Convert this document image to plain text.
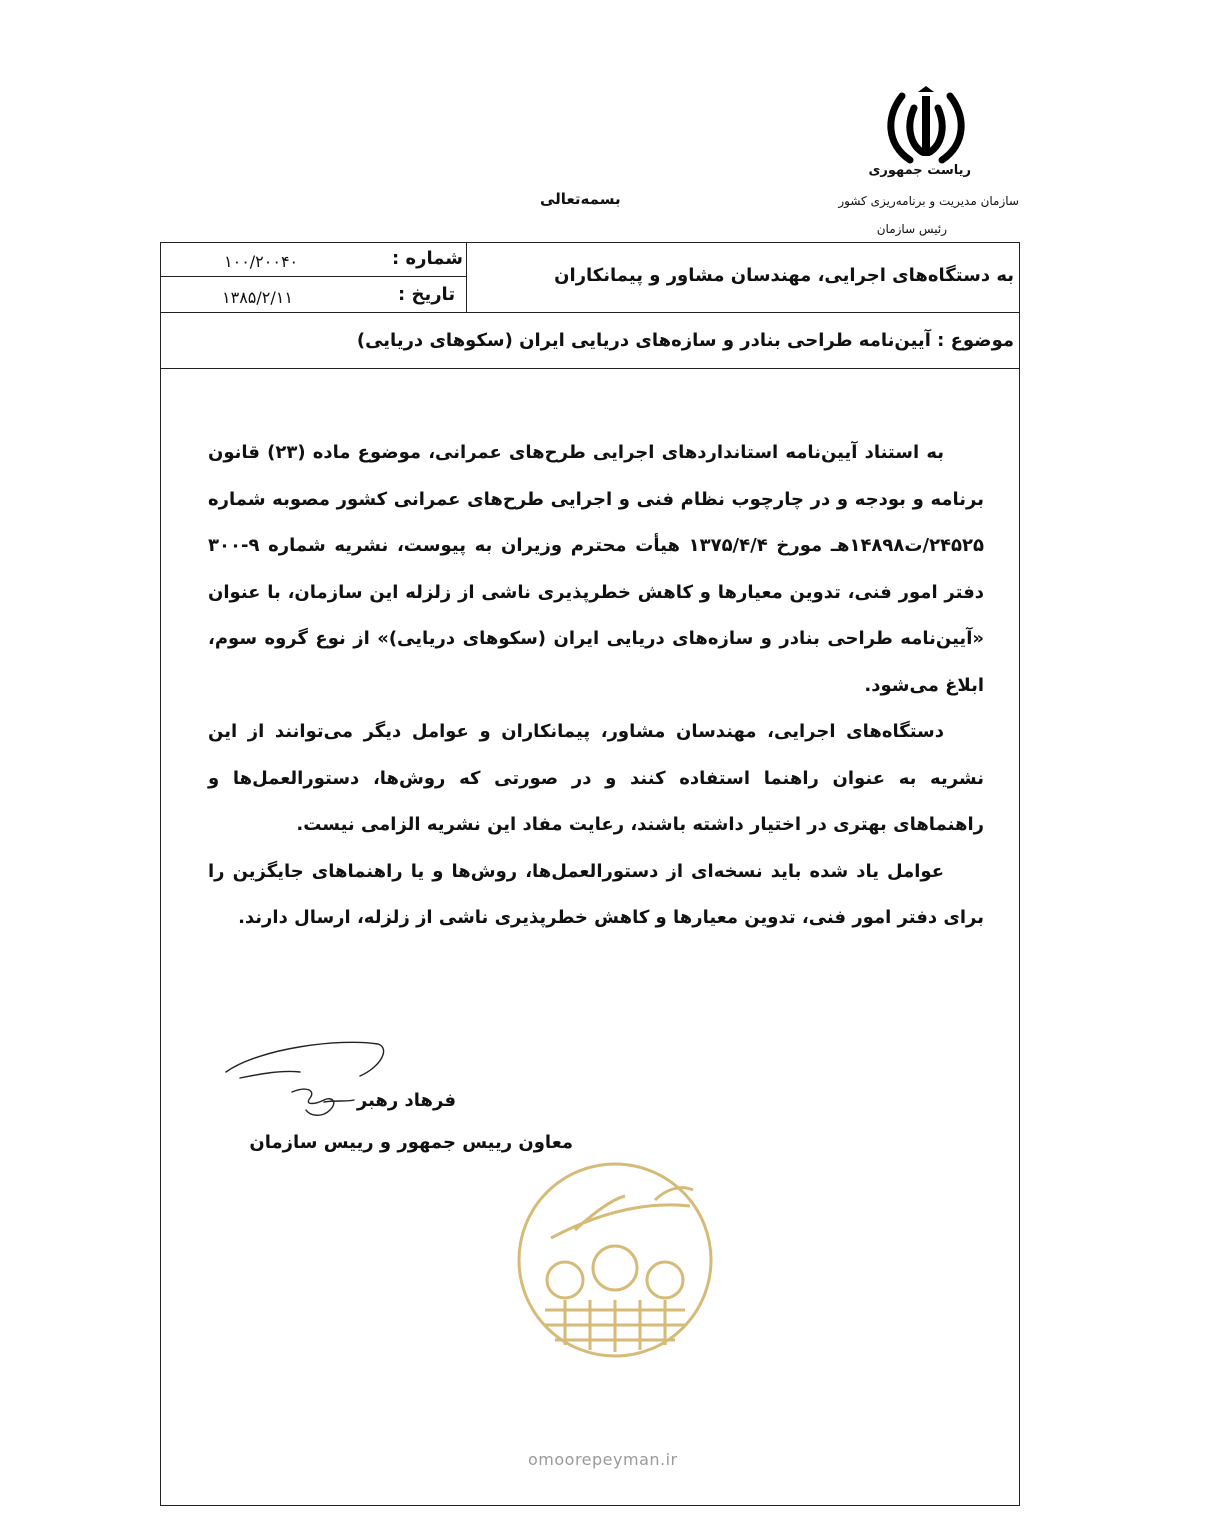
ریاست جمهوری
سازمان مدیریت و برنامه‌ریزی کشور
رئیس سازمان
بسمه‌تعالی
شماره :
۱۰۰/۲۰۰۴۰
تاریخ :
۱۳۸۵/۲/۱۱
به دستگاه‌های اجرایی، مهندسان مشاور و پیمانکاران
موضوع : آیین‌نامه طراحی بنادر و سازه‌های دریایی ایران (سکوهای دریایی)

به استناد آیین‌نامه استانداردهای اجرایی طرح‌های عمرانی، موضوع ماده (۲۳) قانون برنامه و بودجه و در چارچوب نظام فنی و اجرایی طرح‌های عمرانی کشور مصوبه شماره ۲۴۵۲۵/ت۱۴۸۹۸هـ مورخ ۱۳۷۵/۴/۴ هیأت محترم وزیران به پیوست، نشریه شماره ۹-۳۰۰ دفتر امور فنی، تدوین معیارها و کاهش خطرپذیری ناشی از زلزله این سازمان، با عنوان «آیین‌نامه طراحی بنادر و سازه‌های دریایی ایران (سکوهای دریایی)» از نوع گروه سوم، ابلاغ می‌شود.

دستگاه‌های اجرایی، مهندسان مشاور، پیمانکاران و عوامل دیگر می‌توانند از این نشریه به عنوان راهنما استفاده کنند و در صورتی که روش‌ها، دستورالعمل‌ها و راهنماهای بهتری در اختیار داشته باشند، رعایت مفاد این نشریه الزامی نیست.

عوامل یاد شده باید نسخه‌ای از دستورالعمل‌ها، روش‌ها و یا راهنماهای جایگزین را برای دفتر امور فنی، تدوین معیارها و کاهش خطرپذیری ناشی از زلزله، ارسال دارند.

فرهاد رهبر
معاون رییس جمهور و رییس سازمان
omoorepeyman.ir
